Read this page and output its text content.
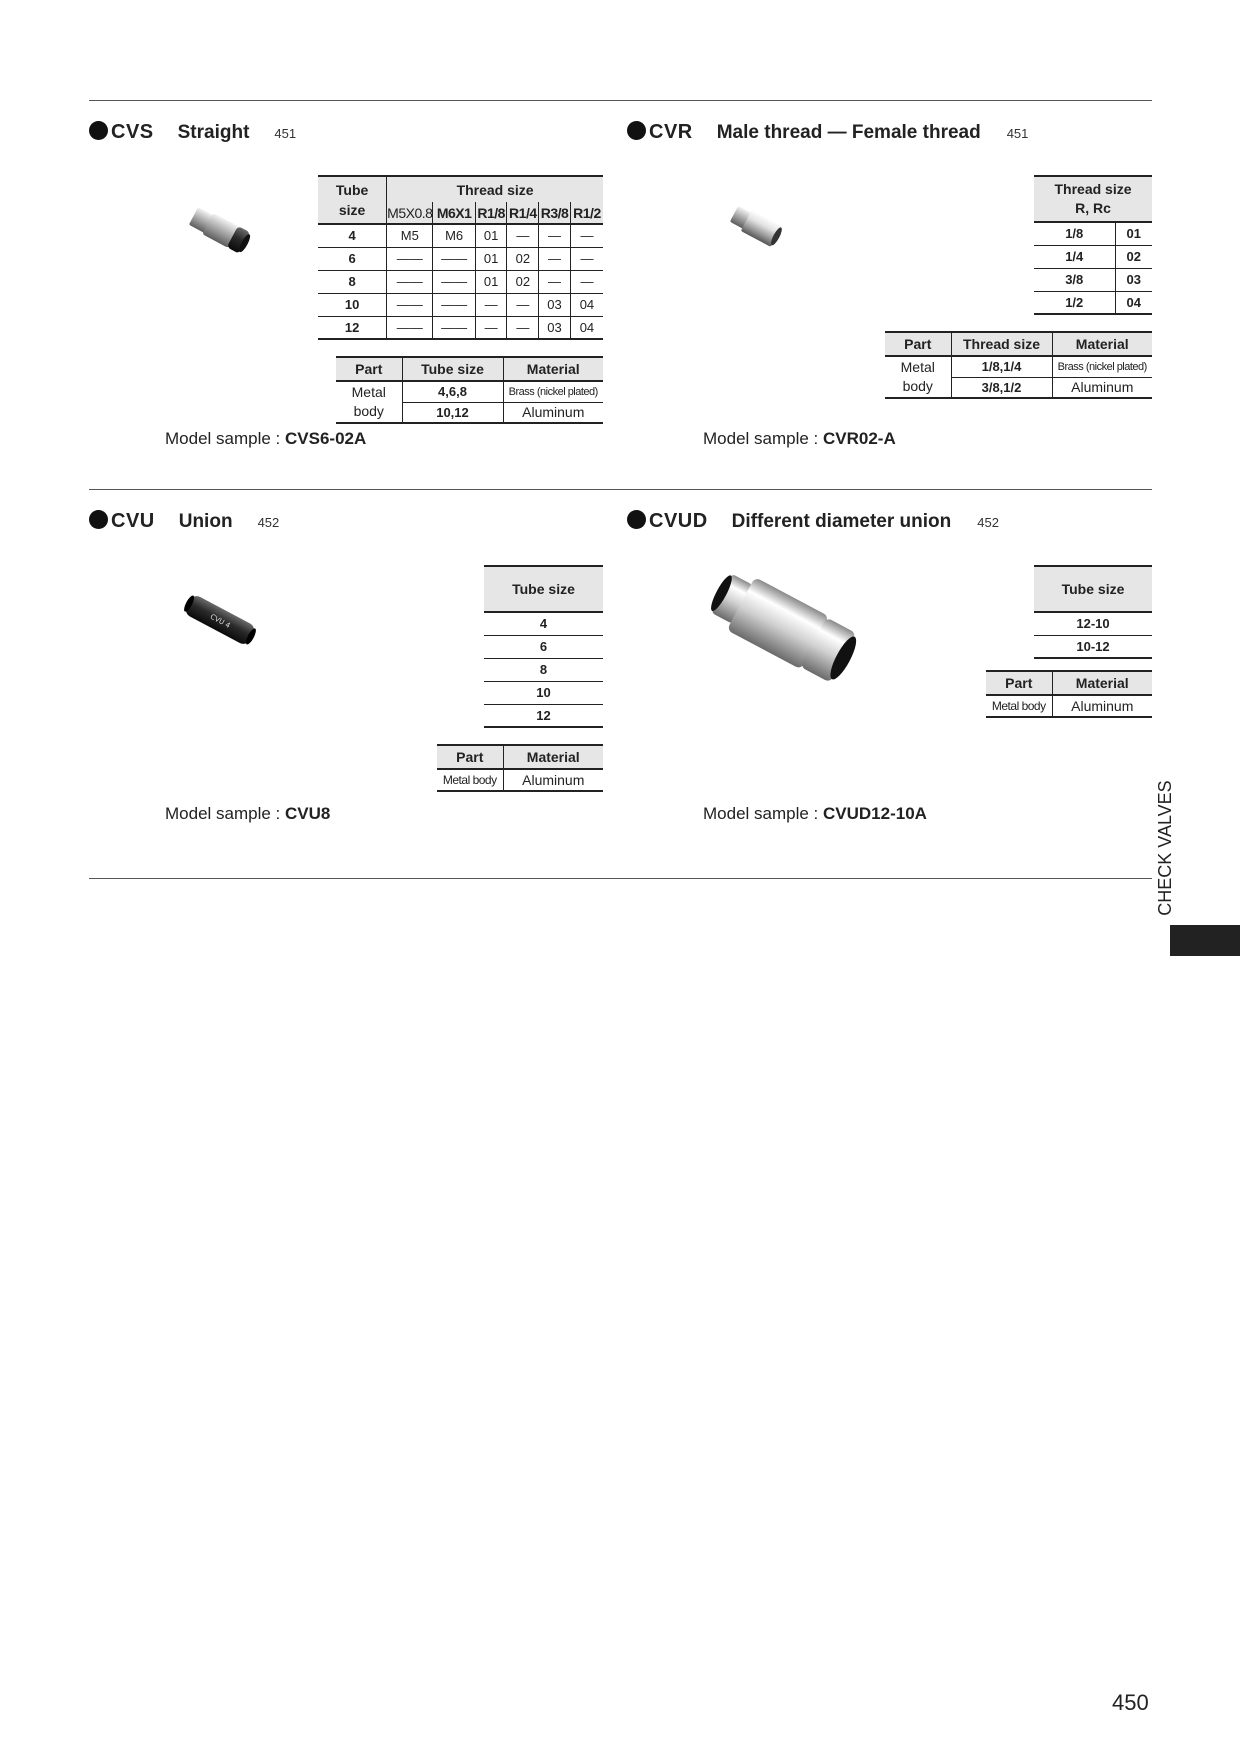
CVS Straight 451
Tube
size	Thread size					
	M5X0.8	M6X1	R1/8	R1/4	R3/8	R1/2
4	M5	M6	01	—	—	—
6	——	——	01	02	—	—
8	——	——	01	02	—	—
10	——	——	—	—	03	04
12	——	——	—	—	03	04
Part	Tube size	Material
Metal
body	4,6,8	Brass (nickel plated)
	10,12	Aluminum
Model sample : CVS6-02A
CVR Male thread — Female thread 451
Thread size
R, Rc	
1/8	01
1/4	02
3/8	03
1/2	04
Part	Thread size	Material
Metal
body	1/8,1/4	Brass (nickel plated)
	3/8,1/2	Aluminum
Model sample : CVR02-A
CVU Union 452
CVU 4
Tube size
4
6
8
10
12
Part	Material
Metal body	Aluminum
Model sample : CVU8
CVUD Different diameter union 452
Tube size
12-10
10-12
Part	Material
Metal body	Aluminum
Model sample : CVUD12-10A	CHECK VALVES
450
